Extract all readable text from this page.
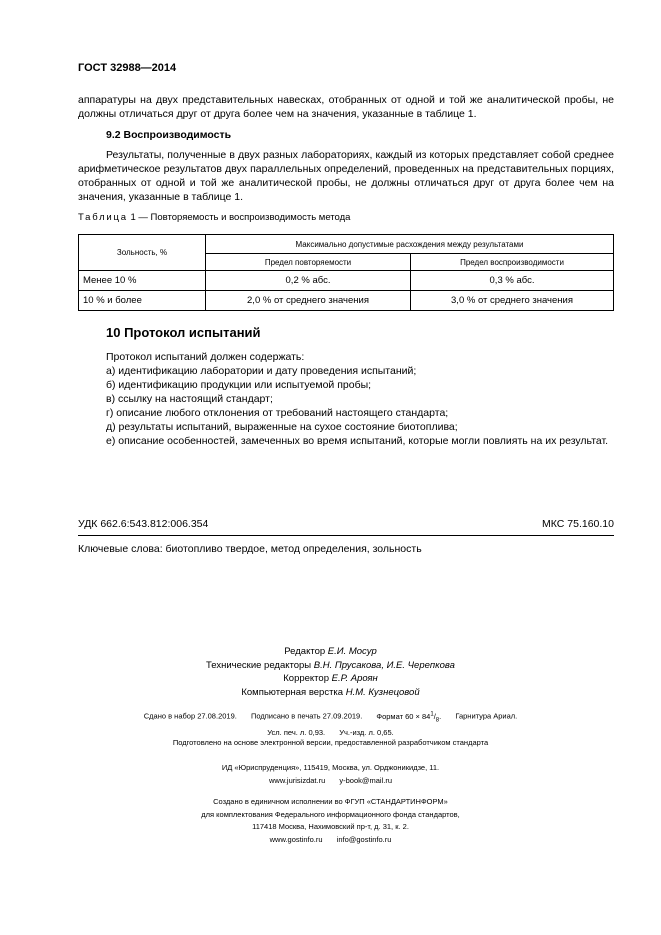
ГОСТ 32988—2014
аппаратуры на двух представительных навесках, отобранных от одной и той же аналитической пробы, не должны отличаться друг от друга более чем на значения, указанные в таблице 1.
9.2 Воспроизводимость
Результаты, полученные в двух разных лабораториях, каждый из которых представляет собой среднее арифметическое результатов двух параллельных определений, проведенных на представительных порциях, отобранных от одной и той же аналитической пробы, не должны отличаться друг от друга более чем на значения, указанные в таблице 1.
Таблица 1 — Повторяемость и воспроизводимость метода
Зольность, %	Максимально допустимые расхождения между результатами	
	Предел повторяемости	Предел воспроизводимости
Менее 10 %	0,2 % абс.	0,3 % абс.
10 % и более	2,0 % от среднего значения	3,0 % от среднего значения
10 Протокол испытаний
Протокол испытаний должен содержать:
а) идентификацию лаборатории и дату проведения испытаний;
б) идентификацию продукции или испытуемой пробы;
в) ссылку на настоящий стандарт;
г) описание любого отклонения от требований настоящего стандарта;
д) результаты испытаний, выраженные на сухое состояние биотоплива;
е) описание особенностей, замеченных во время испытаний, которые могли повлиять на их результат.
УДК 662.6:543.812:006.354	МКС 75.160.10
Ключевые слова: биотопливо твердое, метод определения, зольность
Редактор Е.И. Мосур
Технические редакторы В.Н. Прусакова, И.Е. Черепкова
Корректор Е.Р. Ароян
Компьютерная верстка Н.М. Кузнецовой
Сдано в набор 27.08.2019. Подписано в печать 27.09.2019. Формат $60 \times 84^1/_8$. Гарнитура Ариал.
Усл. печ. л. 0,93. Уч.-изд. л. 0,65.
Подготовлено на основе электронной версии, предоставленной разработчиком стандарта
ИД «Юриспруденция», 115419, Москва, ул. Орджоникидзе, 11.
www.jurisizdat.ru y-book@mail.ru
Создано в единичном исполнении во ФГУП «СТАНДАРТИНФОРМ»
для комплектования Федерального информационного фонда стандартов,
117418 Москва, Нахимовский пр-т, д. 31, к. 2.
www.gostinfo.ru info@gostinfo.ru
